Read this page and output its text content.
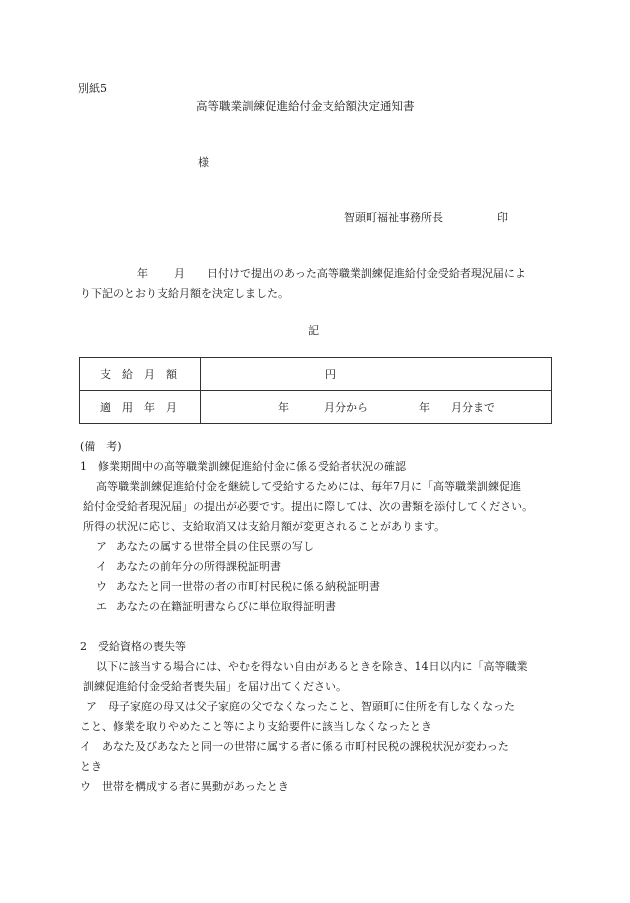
別紙5
高等職業訓練促進給付金支給額決定通知書
様
智頭町福祉事務所長	印
年 月 日付けで提出のあった高等職業訓練促進給付金受給者現況届によ
り下記のとおり支給月額を決定しました。
記
支　給　月　額	円

適　用　年　月	年 月分から 年 月分まで
(備　考)
1　修業期間中の高等職業訓練促進給付金に係る受給者状況の確認
高等職業訓練促進給付金を継続して受給するためには、毎年7月に「高等職業訓練促進
給付金受給者現況届」の提出が必要です。提出に際しては、次の書類を添付してください。
所得の状況に応じ、支給取消又は支給月額が変更されることがあります。
ア あなたの属する世帯全員の住民票の写し
イ あなたの前年分の所得課税証明書
ウ あなたと同一世帯の者の市町村民税に係る納税証明書
エ あなたの在籍証明書ならびに単位取得証明書
2　受給資格の喪失等
以下に該当する場合には、やむを得ない自由があるときを除き、14日以内に「高等職業
訓練促進給付金受給者喪失届」を届け出てください。
ア　母子家庭の母又は父子家庭の父でなくなったこと、智頭町に住所を有しなくなった
こと、修業を取りやめたこと等により支給要件に該当しなくなったとき
イ　あなた及びあなたと同一の世帯に属する者に係る市町村民税の課税状況が変わった
とき
ウ　世帯を構成する者に異動があったとき
